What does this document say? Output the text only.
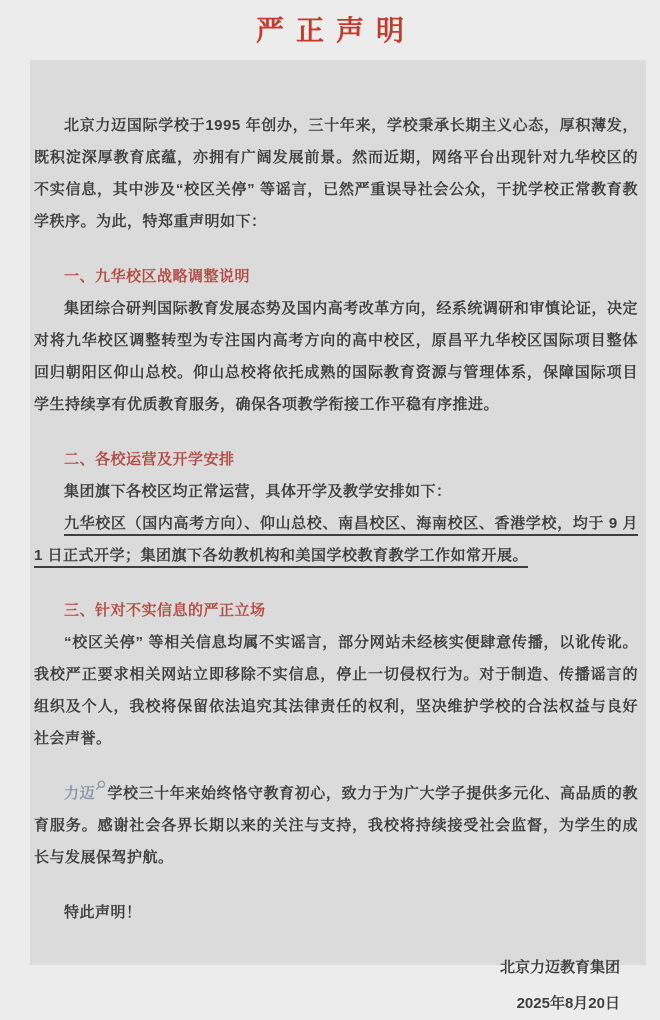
严正声明

北京力迈国际学校于1995 年创办，三十年来，学校秉承长期主义心态，厚积薄发，既积淀深厚教育底蕴，亦拥有广阔发展前景。然而近期，网络平台出现针对九华校区的不实信息，其中涉及“校区关停” 等谣言，已然严重误导社会公众，干扰学校正常教育教学秩序。为此，特郑重声明如下：

一、九华校区战略调整说明

集团综合研判国际教育发展态势及国内高考改革方向，经系统调研和审慎论证，决定对将九华校区调整转型为专注国内高考方向的高中校区，原昌平九华校区国际项目整体回归朝阳区仰山总校。仰山总校将依托成熟的国际教育资源与管理体系，保障国际项目学生持续享有优质教育服务，确保各项教学衔接工作平稳有序推进。

二、各校运营及开学安排

集团旗下各校区均正常运营，具体开学及教学安排如下：

九华校区（国内高考方向）、仰山总校、南昌校区、海南校区、香港学校，均于 9 月 1 日正式开学；集团旗下各幼教机构和美国学校教育教学工作如常开展。

三、针对不实信息的严正立场

“校区关停” 等相关信息均属不实谣言，部分网站未经核实便肆意传播，以讹传讹。我校严正要求相关网站立即移除不实信息，停止一切侵权行为。对于制造、传播谣言的组织及个人，我校将保留依法追究其法律责任的权利，坚决维护学校的合法权益与良好社会声誉。

力迈 学校三十年来始终恪守教育初心，致力于为广大学子提供多元化、高品质的教育服务。感谢社会各界长期以来的关注与支持，我校将持续接受社会监督，为学生的成长与发展保驾护航。

特此声明！

北京力迈教育集团

2025年8月20日
